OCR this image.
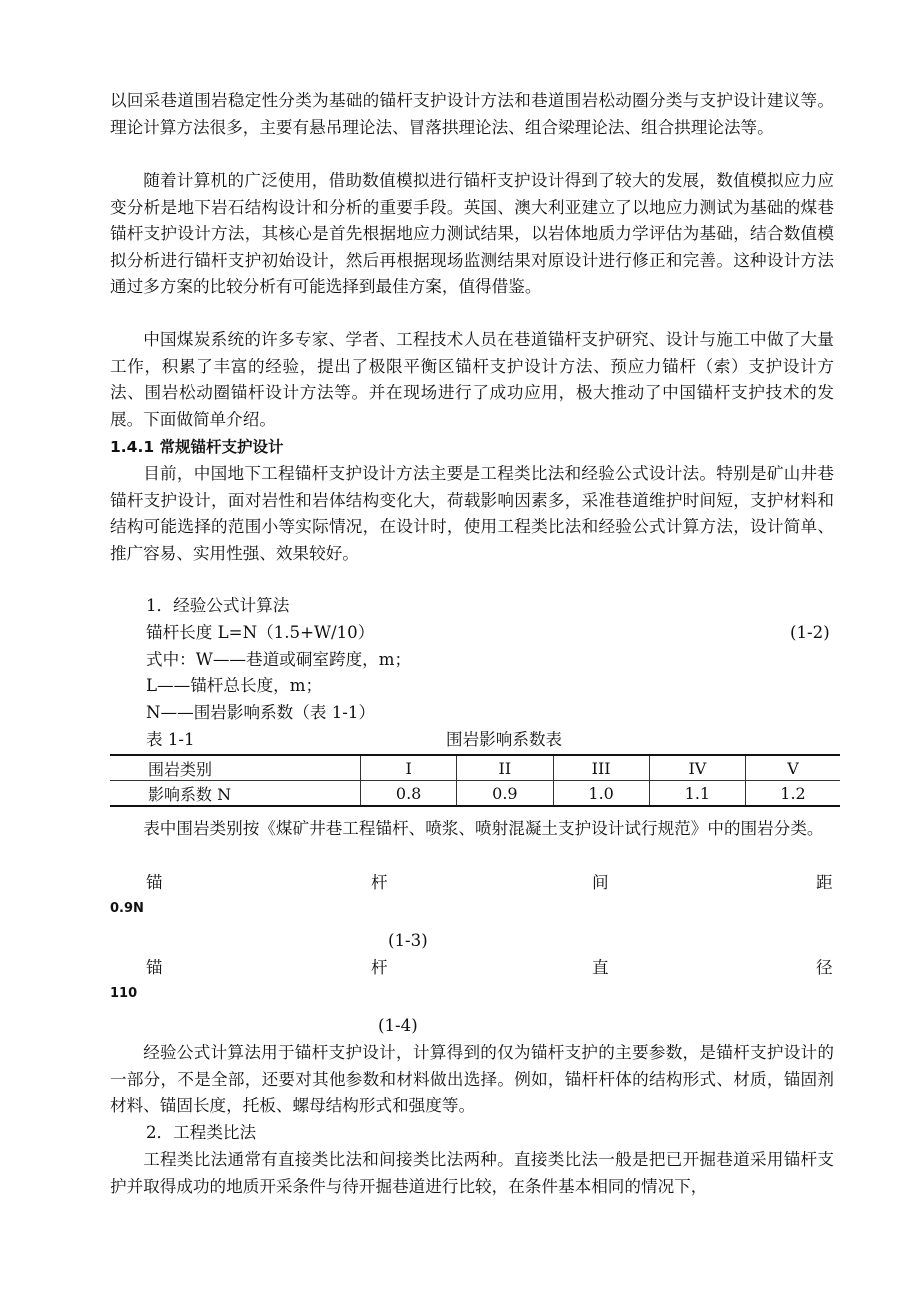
以回采巷道围岩稳定性分类为基础的锚杆支护设计方法和巷道围岩松动圈分类与支护设计建议等。理论计算方法很多，主要有悬吊理论法、冒落拱理论法、组合梁理论法、组合拱理论法等。

随着计算机的广泛使用，借助数值模拟进行锚杆支护设计得到了较大的发展，数值模拟应力应变分析是地下岩石结构设计和分析的重要手段。英国、澳大利亚建立了以地应力测试为基础的煤巷锚杆支护设计方法，其核心是首先根据地应力测试结果，以岩体地质力学评估为基础，结合数值模拟分析进行锚杆支护初始设计，然后再根据现场监测结果对原设计进行修正和完善。这种设计方法通过多方案的比较分析有可能选择到最佳方案，值得借鉴。

中国煤炭系统的许多专家、学者、工程技术人员在巷道锚杆支护研究、设计与施工中做了大量工作，积累了丰富的经验，提出了极限平衡区锚杆支护设计方法、预应力锚杆（索）支护设计方法、围岩松动圈锚杆设计方法等。并在现场进行了成功应用，极大推动了中国锚杆支护技术的发展。下面做简单介绍。

1.4.1 常规锚杆支护设计

目前，中国地下工程锚杆支护设计方法主要是工程类比法和经验公式设计法。特别是矿山井巷锚杆支护设计，面对岩性和岩体结构变化大，荷载影响因素多，采准巷道维护时间短，支护材料和结构可能选择的范围小等实际情况，在设计时，使用工程类比法和经验公式计算方法，设计简单、推广容易、实用性强、效果较好。

1．经验公式计算法

锚杆长度 L=N（1.5+W/10）	(1-2)

式中：W——巷道或硐室跨度，m；

L——锚杆总长度，m；

N——围岩影响系数（表 1-1）

表 1-1	围岩影响系数表

围岩类别	I	II	III	IV	V
影响系数 N	0.8	0.9	1.0	1.1	1.2

表中围岩类别按《煤矿井巷工程锚杆、喷浆、喷射混凝土支护设计试行规范》中的围岩分类。

锚	杆	间	距

0.9N

(1-3)

锚	杆	直	径

110

(1-4)

经验公式计算法用于锚杆支护设计，计算得到的仅为锚杆支护的主要参数，是锚杆支护设计的一部分，不是全部，还要对其他参数和材料做出选择。例如，锚杆杆体的结构形式、材质，锚固剂材料、锚固长度，托板、螺母结构形式和强度等。

2．工程类比法

工程类比法通常有直接类比法和间接类比法两种。直接类比法一般是把已开掘巷道采用锚杆支护并取得成功的地质开采条件与待开掘巷道进行比较，在条件基本相同的情况下，
